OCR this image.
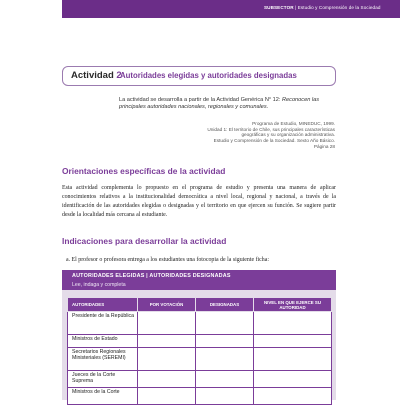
SUBSECTOR | Estudio y Comprensión de la Sociedad
Actividad 2
Autoridades elegidas y autoridades designadas
La actividad se desarrolla a partir de la Actividad Genérica N° 12: Reconocen las principales autoridades nacionales, regionales y comunales.
Programa de Estudio, MINEDUC, 1999.
Unidad 1: El territorio de Chile, sus principales características
geográficas y su organización administrativa.
Estudio y Comprensión de la Sociedad. Sexto Año Básico.
Página 28
Orientaciones específicas de la actividad
Esta actividad complementa lo propuesto en el programa de estudio y presenta una manera de aplicar conocimientos relativos a la institucionalidad democrática a nivel local, regional y nacional, a través de la identificación de las autoridades elegidas o designadas y el territorio en que ejercen su función. Se sugiere partir desde la localidad más cercana al estudiante.
Indicaciones para desarrollar la actividad
a. El profesor o profesora entrega a los estudiantes una fotocopia de la siguiente ficha:
AUTORIDADES ELEGIDAS | AUTORIDADES DESIGNADAS
Lee, indaga y completa
AUTORIDADES	POR VOTACIÓN	DESIGNADAS	NIVEL EN QUE EJERCE SU AUTORIDAD
Presidente de la República			
Ministros de Estado			
Secretarios Regionales Ministeriales (SEREMI)			
Jueces de la Corte Suprema			
Ministros de la Corte			
